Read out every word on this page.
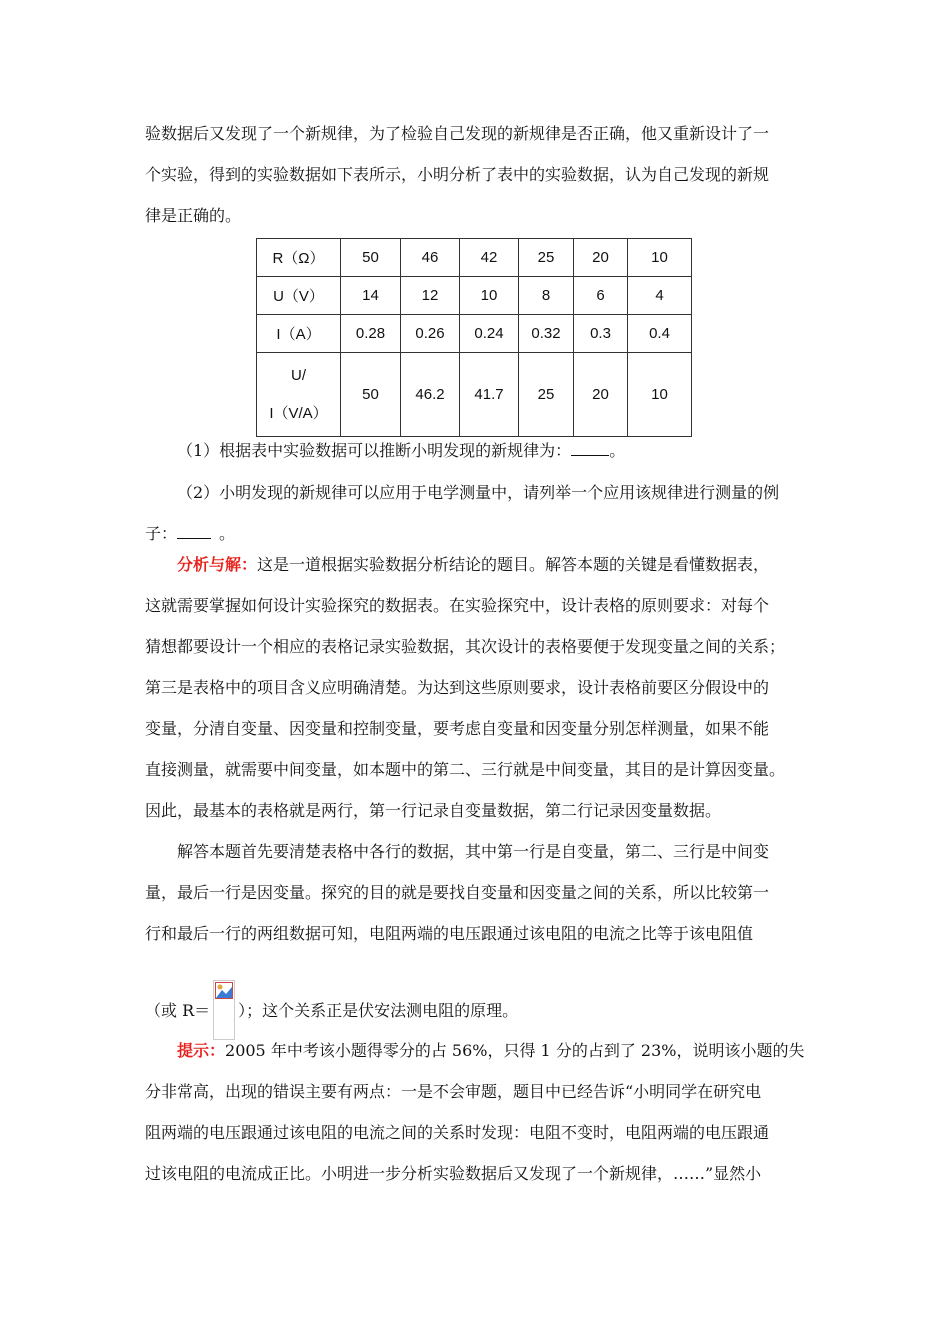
验数据后又发现了一个新规律，为了检验自己发现的新规律是否正确，他又重新设计了一
个实验，得到的实验数据如下表所示，小明分析了表中的实验数据，认为自己发现的新规
律是正确的。
R（Ω）	50	46	42	25	20	10
U（V）	14	12	10	8	6	4
I（A）	0.28	0.26	0.24	0.32	0.3	0.4

U/
I（V/A）	50	46.2	41.7	25	20	10
（1）根据表中实验数据可以推断小明发现的新规律为： 。
（2）小明发现的新规律可以应用于电学测量中，请列举一个应用该规律进行测量的例
子：	。
分析与解：这是一道根据实验数据分析结论的题目。解答本题的关键是看懂数据表，
这就需要掌握如何设计实验探究的数据表。在实验探究中，设计表格的原则要求：对每个
猜想都要设计一个相应的表格记录实验数据，其次设计的表格要便于发现变量之间的关系；
第三是表格中的项目含义应明确清楚。为达到这些原则要求，设计表格前要区分假设中的
变量，分清自变量、因变量和控制变量，要考虑自变量和因变量分别怎样测量，如果不能
直接测量，就需要中间变量，如本题中的第二、三行就是中间变量，其目的是计算因变量。
因此，最基本的表格就是两行，第一行记录自变量数据，第二行记录因变量数据。
解答本题首先要清楚表格中各行的数据，其中第一行是自变量，第二、三行是中间变
量，最后一行是因变量。探究的目的就是要找自变量和因变量之间的关系，所以比较第一
行和最后一行的两组数据可知，电阻两端的电压跟通过该电阻的电流之比等于该电阻值
（或 R＝ ）；这个关系正是伏安法测电阻的原理。
提示：2005 年中考该小题得零分的占 56%，只得 1 分的占到了 23%，说明该小题的失
分非常高，出现的错误主要有两点：一是不会审题，题目中已经告诉“小明同学在研究电
阻两端的电压跟通过该电阻的电流之间的关系时发现：电阻不变时，电阻两端的电压跟通
过该电阻的电流成正比。小明进一步分析实验数据后又发现了一个新规律，……”显然小
